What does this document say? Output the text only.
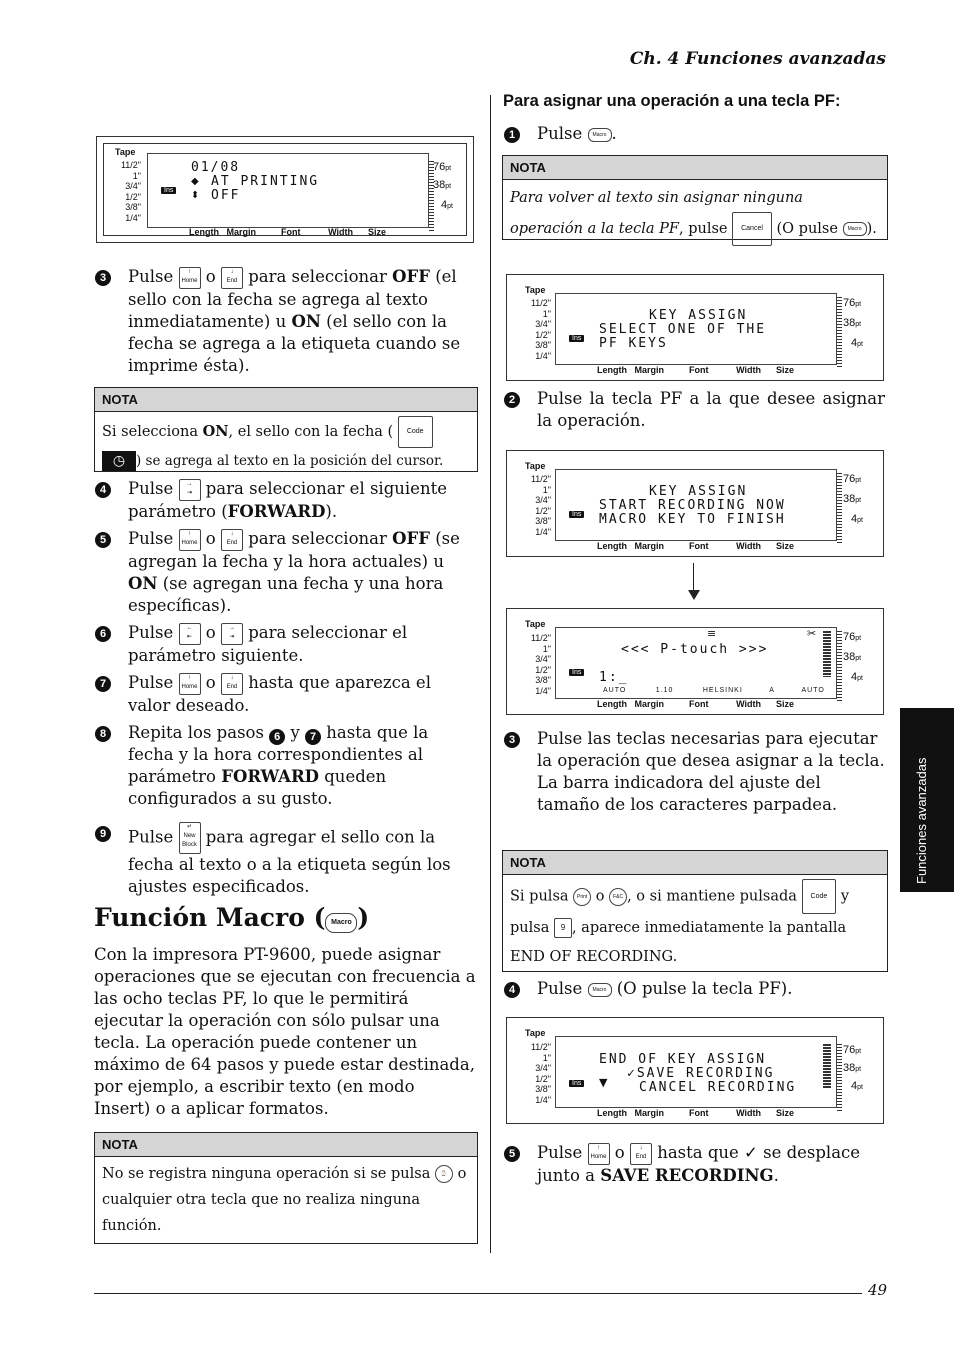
Ch. 4 Funciones avanzadas
49
Funciones avanzadas
Tape
11/2"
1"
3/4"
1/2"
3/8"
1/4"
01/08
AT PRINTING
OFF
◆
⬍
Ins
76pt
38pt
4pt
Length Margin	Font	Width Size
3 Pulse ↑
Home o ↓
End para seleccionar OFF (el sello con la fecha se agrega al texto inmediatamente) u ON (el sello con la fecha se agrega a la etiqueta cuando se imprime ésta).
NOTA
Si selecciona ON, el sello con la fecha ( Code
◷ ) se agrega al texto en la posición del cursor.
4 Pulse →
⇥ para seleccionar el siguiente parámetro (FORWARD).
5 Pulse ↑
Home o ↓
End para seleccionar OFF (se agregan la fecha y la hora actuales) u ON (se agregan una fecha y una hora específicas).
6 Pulse ←
⇤ o →
⇥ para seleccionar el parámetro siguiente.
7 Pulse ↑
Home o ↓
End hasta que aparezca el valor deseado.
8 Repita los pasos 6 y 7 hasta que la fecha y la hora correspondientes al parámetro FORWARD queden configurados a su gusto.
9 Pulse ↵
New Block para agregar el sello con la fecha al texto o a la etiqueta según los ajustes especificados.
Función Macro ( Macro )
Con la impresora PT-9600, puede asignar operaciones que se ejecutan con frecuencia a las ocho teclas PF, lo que le permitirá ejecutar la operación con sólo pulsar una tecla. La operación puede contener un máximo de 64 pasos y puede estar destinada, por ejemplo, a escribir texto (en modo Insert) o a aplicar formatos.
NOTA
No se registra ninguna operación si se pulsa ⌚ o cualquier otra tecla que no realiza ninguna función.
Para asignar una operación a una tecla PF:
1 Pulse Macro .
NOTA
Para volver al texto sin asignar ninguna operación a la tecla PF, pulse Cancel (O pulse Macro ).
Tape
11/2"
1"
3/4"
1/2"
3/8"
1/4"
KEY ASSIGN
SELECT ONE OF THE
PF KEYS
Ins
76pt
38pt
4pt
Length Margin	Font	Width Size
2 Pulse la tecla PF a la que desee asignar la operación.
Tape
11/2"
1"
3/4"
1/2"
3/8"
1/4"
KEY ASSIGN
START RECORDING NOW
MACRO KEY TO FINISH
Ins
76pt
38pt
4pt
Length Margin	Font	Width Size
Tape
11/2"
1"
3/4"
1/2"
3/8"
1/4"
≡	✂
<<< P-touch >>>
1:_
Ins
AUTO	1.10	HELSINKI	A	AUTO
76pt
38pt
4pt
Length Margin	Font	Width Size
3 Pulse las teclas necesarias para ejecutar la operación que desea asignar a la tecla. La barra indicadora del ajuste del tamaño de los caracteres parpadea.
NOTA
Si pulsa Print o F&C , o si mantiene pulsada Code y pulsa 9 , aparece inmediatamente la pantalla END OF RECORDING.
4 Pulse Macro (O pulse la tecla PF).
Tape
11/2"
1"
3/4"
1/2"
3/8"
1/4"
END OF KEY ASSIGN
✓SAVE RECORDING
CANCEL RECORDING
Ins ▼
76pt
38pt
4pt
Length Margin	Font	Width Size
5 Pulse ↑
Home o ↓
End hasta que ✓ se desplace junto a SAVE RECORDING.
